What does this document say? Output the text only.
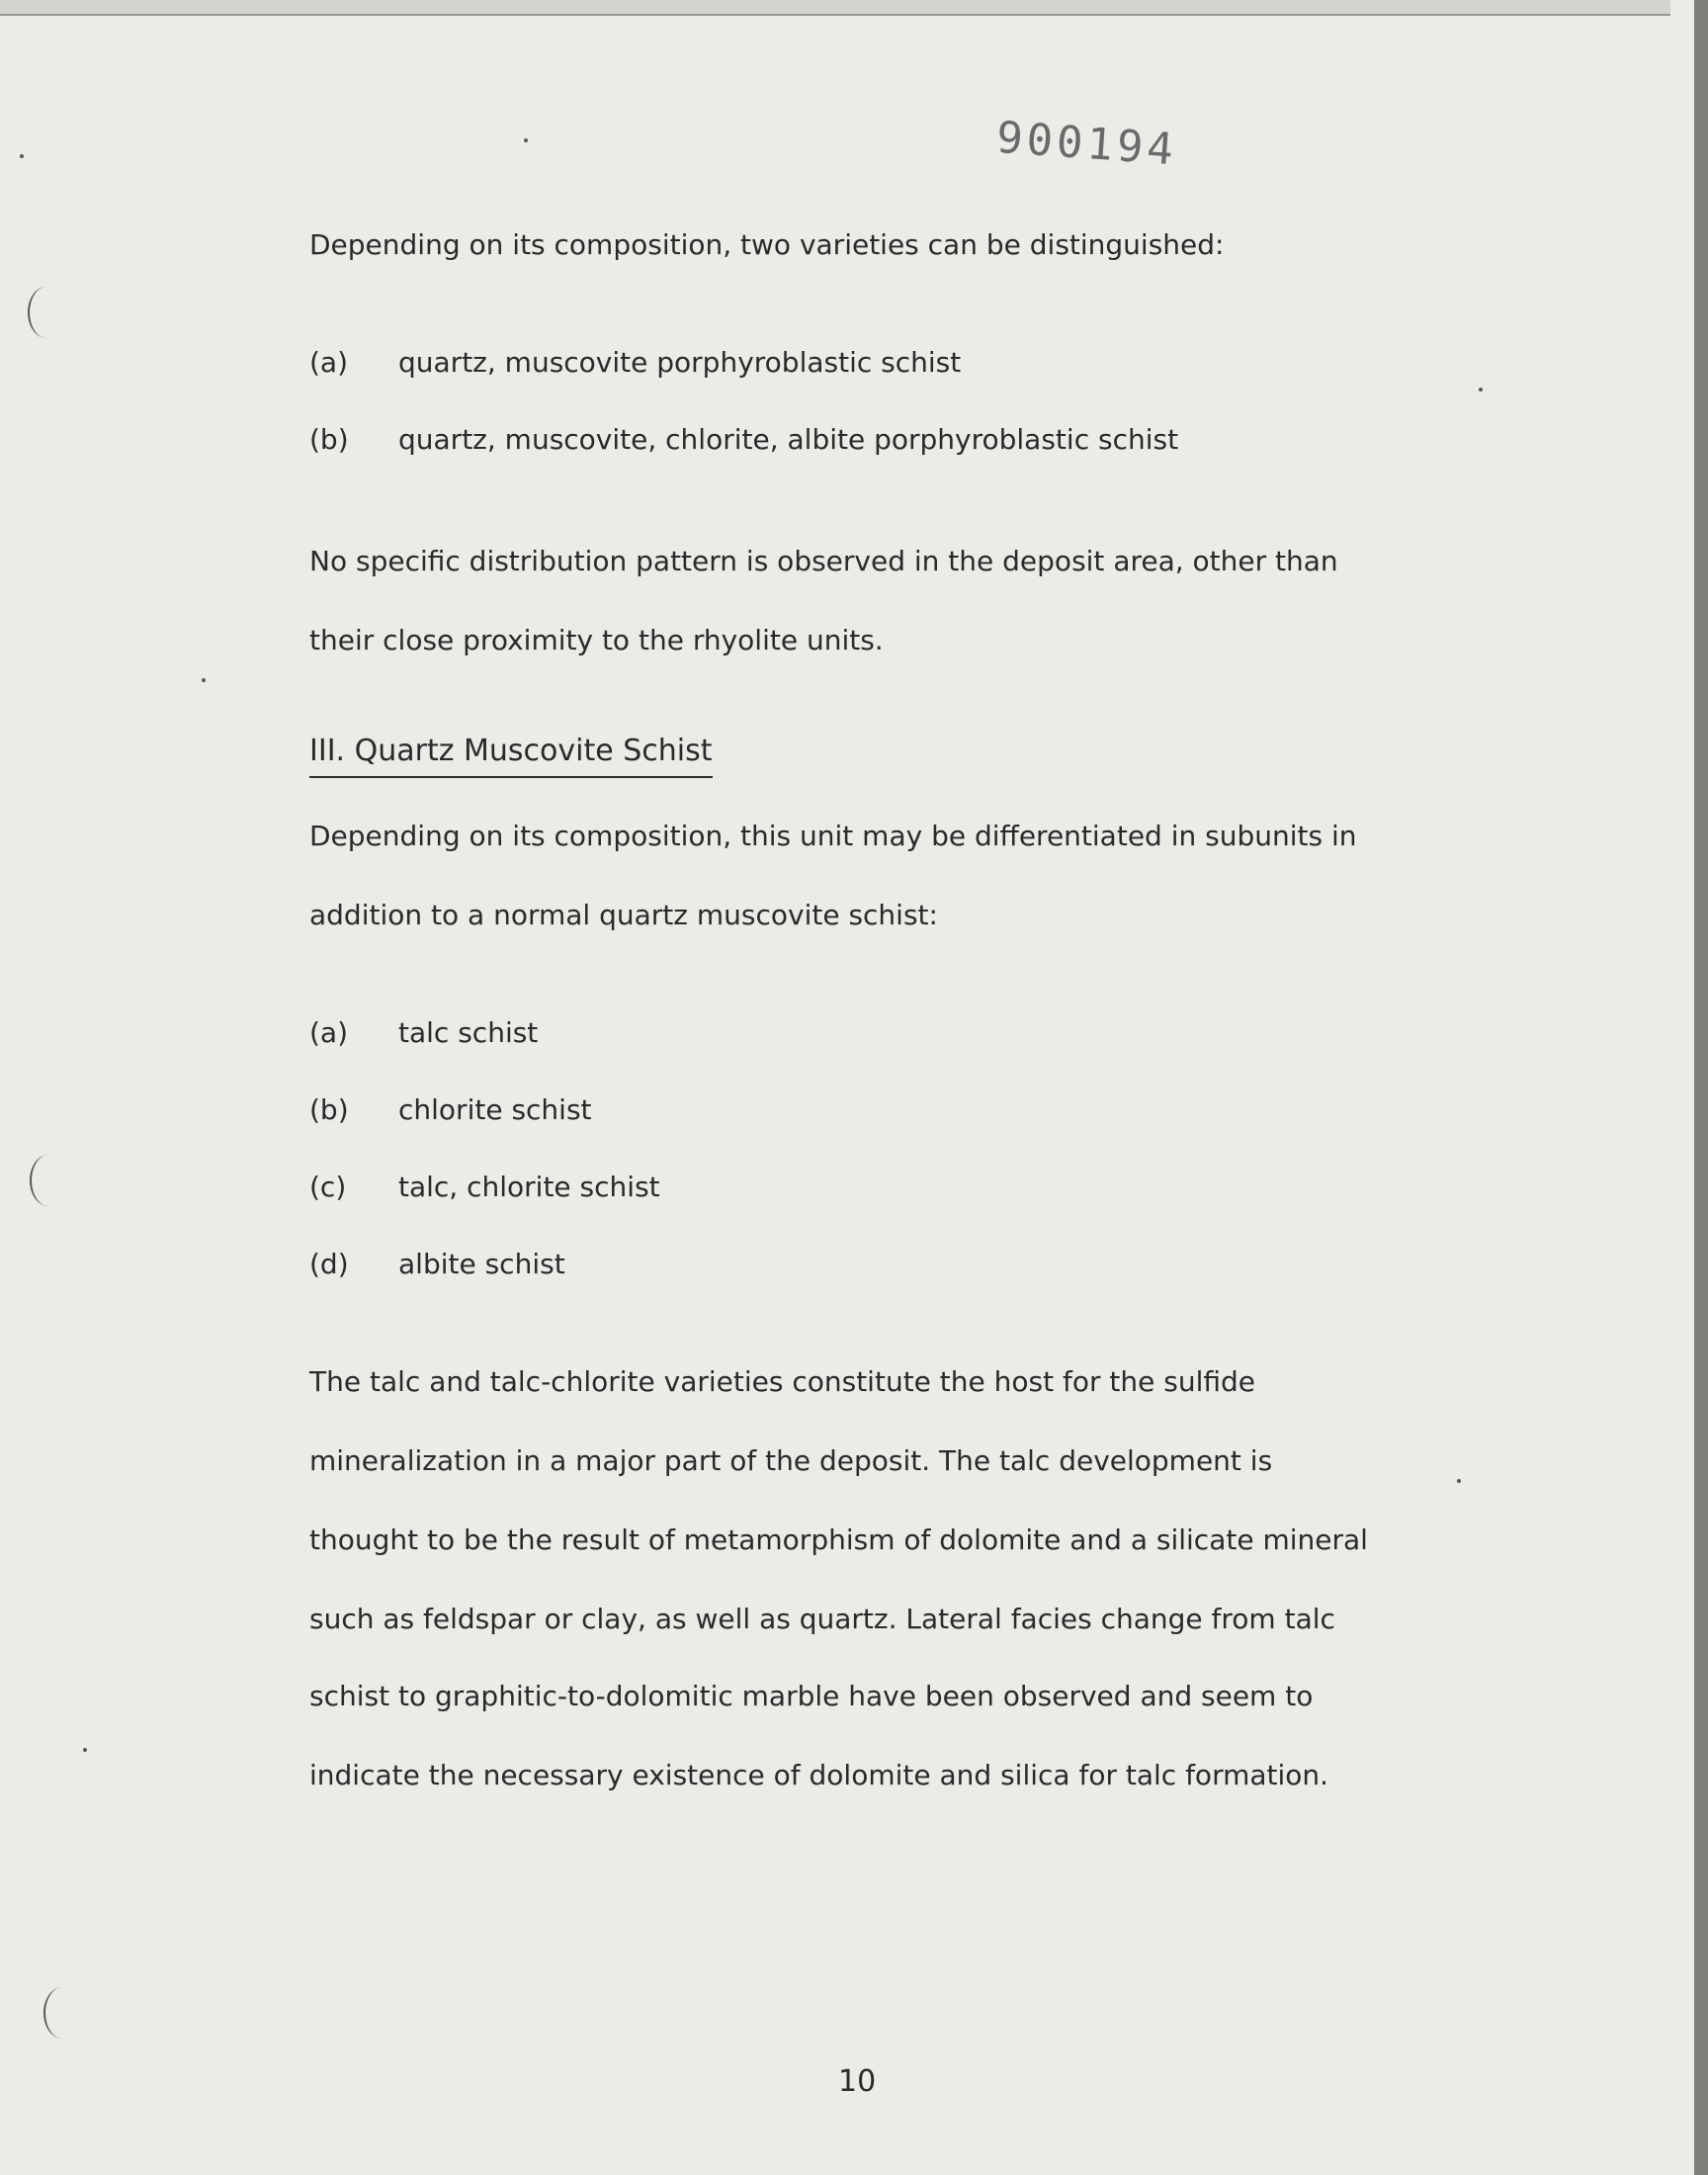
900194
Depending on its composition, two varieties can be distinguished:
(a) quartz, muscovite porphyroblastic schist
(b) quartz, muscovite, chlorite, albite porphyroblastic schist
No specific distribution pattern is observed in the deposit area, other than
their close proximity to the rhyolite units.
III. Quartz Muscovite Schist
Depending on its composition, this unit may be differentiated in subunits in
addition to a normal quartz muscovite schist:
(a) talc schist
(b) chlorite schist
(c) talc, chlorite schist
(d) albite schist
The talc and talc-chlorite varieties constitute the host for the sulfide
mineralization in a major part of the deposit. The talc development is
thought to be the result of metamorphism of dolomite and a silicate mineral
such as feldspar or clay, as well as quartz. Lateral facies change from talc
schist to graphitic-to-dolomitic marble have been observed and seem to
indicate the necessary existence of dolomite and silica for talc formation.
10
